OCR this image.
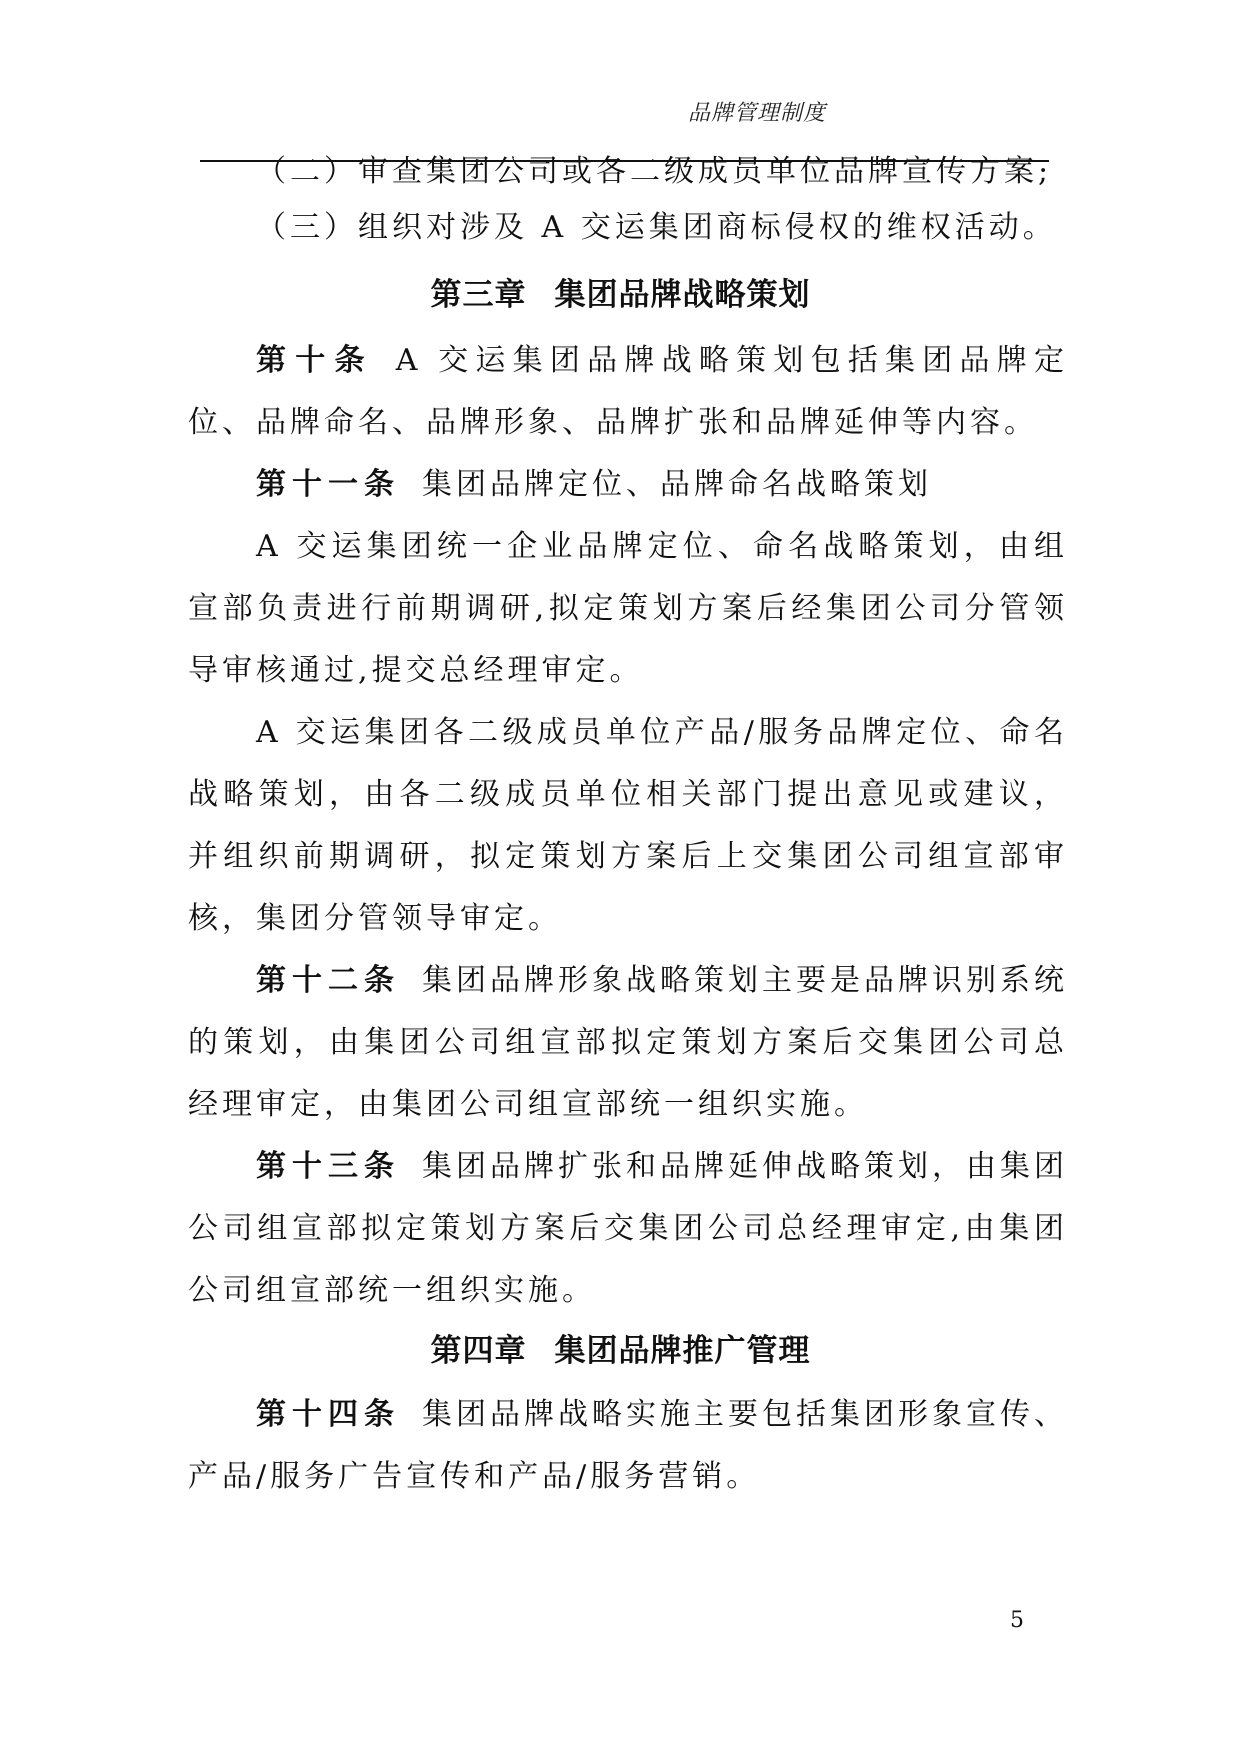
品牌管理制度

（二）审查集团公司或各二级成员单位品牌宣传方案;

（三）组织对涉及 A 交运集团商标侵权的维权活动。

第三章 集团品牌战略策划

第十条 A 交运集团品牌战略策划包括集团品牌定位、品牌命名、品牌形象、品牌扩张和品牌延伸等内容。

第十一条 集团品牌定位、品牌命名战略策划

A 交运集团统一企业品牌定位、命名战略策划，由组宣部负责进行前期调研,拟定策划方案后经集团公司分管领导审核通过,提交总经理审定。

A 交运集团各二级成员单位产品/服务品牌定位、命名战略策划，由各二级成员单位相关部门提出意见或建议，并组织前期调研，拟定策划方案后上交集团公司组宣部审核，集团分管领导审定。

第十二条 集团品牌形象战略策划主要是品牌识别系统的策划，由集团公司组宣部拟定策划方案后交集团公司总经理审定，由集团公司组宣部统一组织实施。

第十三条 集团品牌扩张和品牌延伸战略策划，由集团公司组宣部拟定策划方案后交集团公司总经理审定,由集团公司组宣部统一组织实施。

第四章 集团品牌推广管理

第十四条 集团品牌战略实施主要包括集团形象宣传、产品/服务广告宣传和产品/服务营销。

5
